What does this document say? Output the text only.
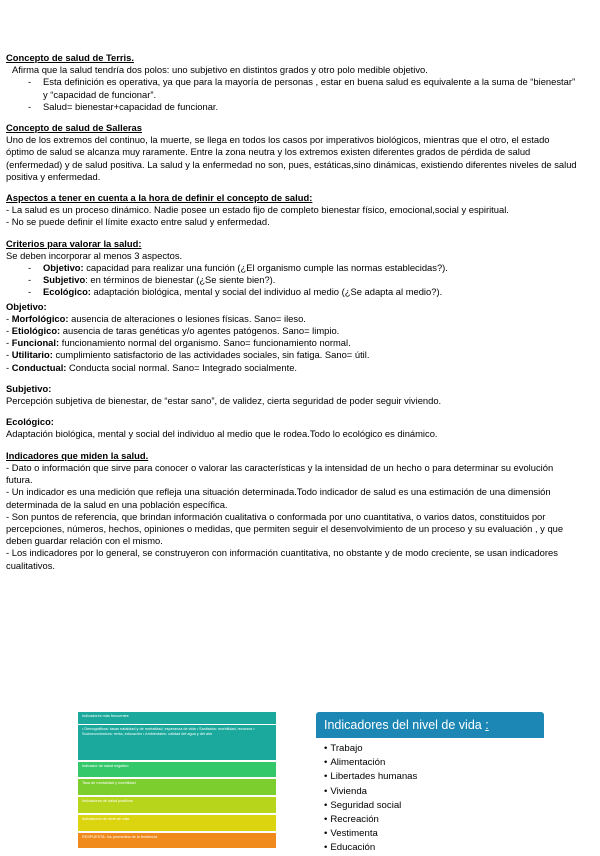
Concepto de salud de Terris.

Afirma que la salud tendría dos polos: uno subjetivo en distintos grados y otro polo medible objetivo.

- Esta definición es operativa, ya que para la mayoría de personas , estar en buena salud es equivalente a la suma de “bienestar” y “capacidad de funcionar”.
- Salud= bienestar+capacidad de funcionar.
Concepto de salud de Salleras

Uno de los extremos del continuo, la muerte, se llega en todos los casos por imperativos biológicos, mientras que el otro, el estado óptimo de salud se alcanza muy raramente. Entre la zona neutra y los extremos existen diferentes grados de pérdida de salud (enfermedad) y de salud positiva. La salud y la enfermedad no son, pues, estáticas,sino dinámicas, existiendo diferentes niveles de salud positiva y enfermedad.

Aspectos a tener en cuenta a la hora de definir el concepto de salud:

- La salud es un proceso dinámico. Nadie posee un estado fijo de completo bienestar físico, emocional,social y espiritual.

- No se puede definir el límite exacto entre salud y enfermedad.

Criterios para valorar la salud:

Se deben incorporar al menos 3 aspectos.

- Objetivo: capacidad para realizar una función (¿El organismo cumple las normas establecidas?).
- Subjetivo: en términos de bienestar (¿Se siente bien?).
- Ecológico: adaptación biológica, mental y social del individuo al medio (¿Se adapta al medio?).
Objetivo:
- Morfológico: ausencia de alteraciones o lesiones físicas. Sano= ileso.
- Etiológico: ausencia de taras genéticas y/o agentes patógenos. Sano= limpio.
- Funcional: funcionamiento normal del organismo. Sano= funcionamiento normal.
- Utilitario: cumplimiento satisfactorio de las actividades sociales, sin fatiga. Sano= útil.
- Conductual: Conducta social normal. Sano= Integrado socialmente.
Subjetivo:

Percepción subjetiva de bienestar, de “estar sano”, de validez, cierta seguridad de poder seguir viviendo.

Ecológico:

Adaptación biológica, mental y social del individuo al medio que le rodea.Todo lo ecológico es dinámico.

Indicadores que miden la salud.

- Dato o información que sirve para conocer o valorar las características y la intensidad de un hecho o para determinar su evolución futura.

- Un indicador es una medición que refleja una situación determinada.Todo indicador de salud es una estimación de una dimensión determinada de la salud en una población específica.

- Son puntos de referencia, que brindan información cualitativa o conformada por uno cuantitativa, o varios datos, constituidos por percepciones, números, hechos, opiniones o medidas, que permiten seguir el desenvolvimiento de un proceso y su evaluación , y que deben guardar relación con el mismo.

- Los indicadores por lo general, se construyeron con información cuantitativa, no obstante y de modo creciente, se usan indicadores cualitativos.

Indicadores más frecuentes
• Demográficos: tasas natalidad y de mortalidad, esperanza de vida • Sanitarios: morbilidad, recursos • Socioeconómicos: renta, educación • Ambientales: calidad del agua y del aire
Indicador de salud negativo
Tasa de mortalidad y morbilidad
Indicadores de salud positivos
Indicadores de nivel de vida
RESPUESTA: los promedios de la tendencia
Indicadores del nivel de vida :
• Trabajo
• Alimentación
• Libertades humanas
• Vivienda
• Seguridad social
• Recreación
• Vestimenta
• Educación
